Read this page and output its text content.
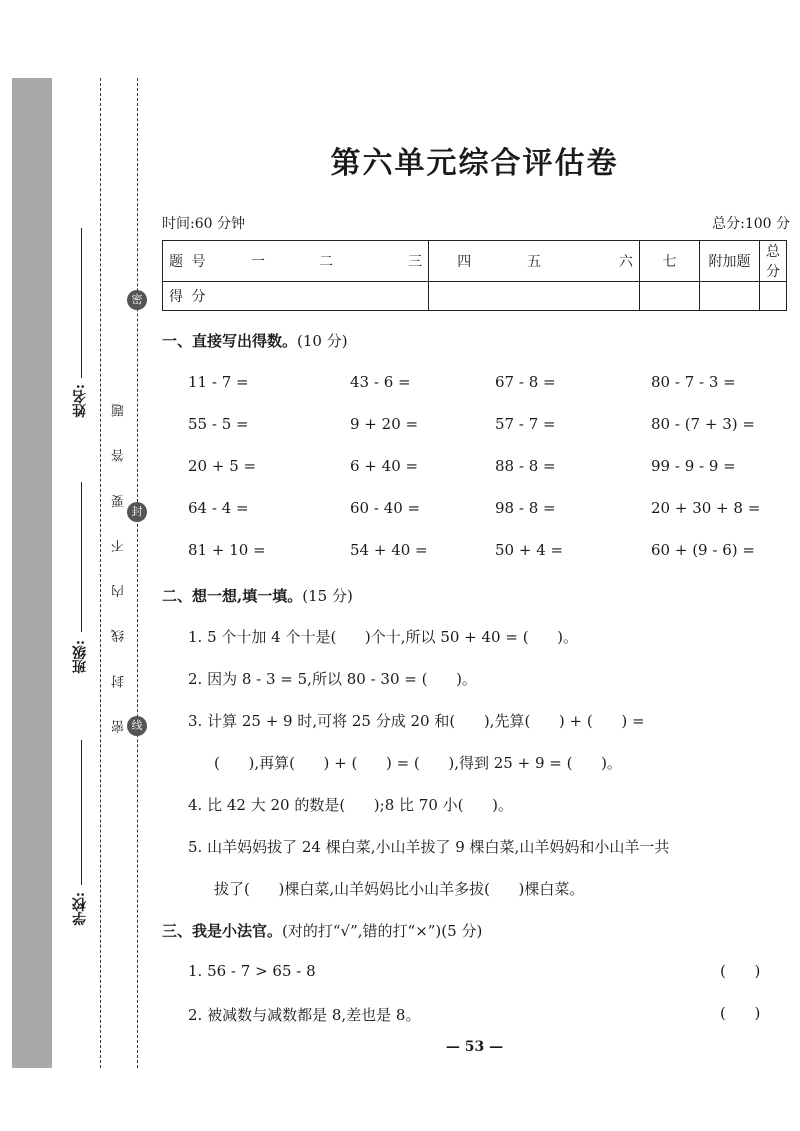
姓名:
班级:
学校:
密 封 线 内 不 要 答 题
密
封
线
第六单元综合评估卷
时间:60 分钟	总分:100 分
题 号	一	二	三	四	五	六	七	附加题	总 分
得 分									
一、直接写出得数。(10 分)
11 - 7 =	43 - 6 =	67 - 8 =	80 - 7 - 3 =
55 - 5 =	9 + 20 =	57 - 7 =	80 - (7 + 3) =
20 + 5 =	6 + 40 =	88 - 8 =	99 - 9 - 9 =
64 - 4 =	60 - 40 =	98 - 8 =	20 + 30 + 8 =
81 + 10 =	54 + 40 =	50 + 4 =	60 + (9 - 6) =
二、想一想,填一填。(15 分)
1. 5 个十加 4 个十是(      )个十,所以 50 + 40 = (      )。
2. 因为 8 - 3 = 5,所以 80 - 30 = (      )。
3. 计算 25 + 9 时,可将 25 分成 20 和(      ),先算(      ) + (      ) =
(      ),再算(      ) + (      ) = (      ),得到 25 + 9 = (      )。
4. 比 42 大 20 的数是(      );8 比 70 小(      )。
5. 山羊妈妈拔了 24 棵白菜,小山羊拔了 9 棵白菜,山羊妈妈和小山羊一共
拔了(      )棵白菜,山羊妈妈比小山羊多拔(      )棵白菜。
三、我是小法官。(对的打“√”,错的打“×”)(5 分)
1. 56 - 7 > 65 - 8	(      )
2. 被减数与减数都是 8,差也是 8。	(      )
— 53 —
